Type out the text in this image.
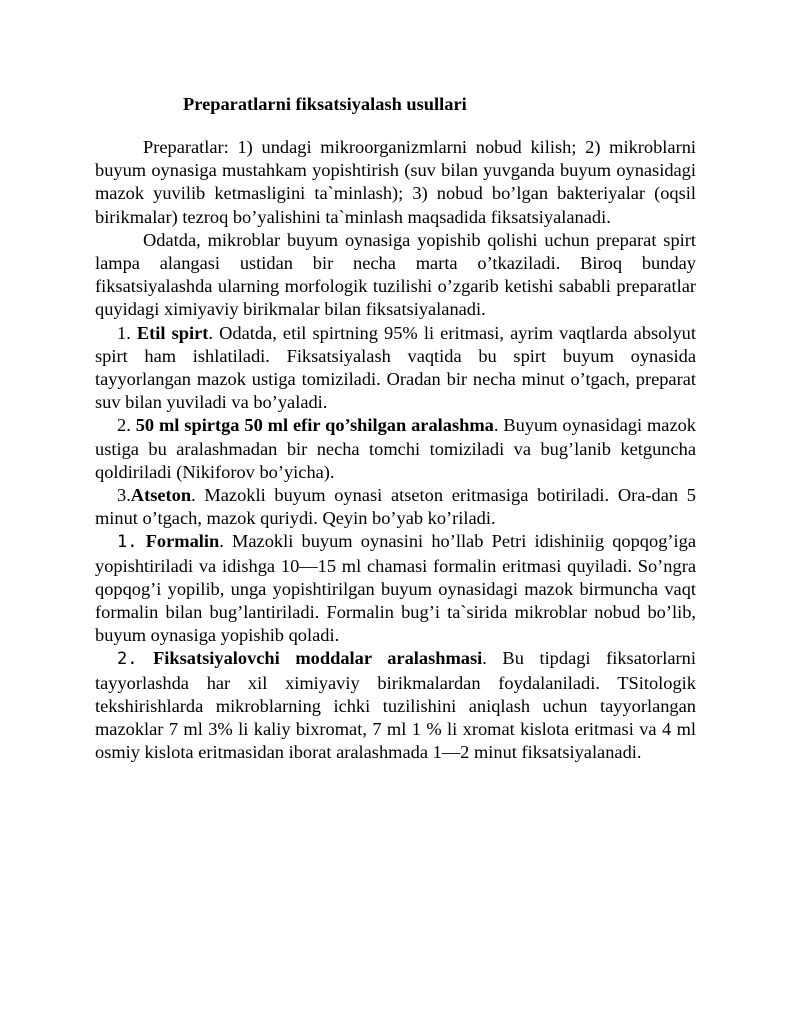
Preparatlarni fiksatsiyalash usullari

Preparatlar: 1) undagi mikroorganizmlarni nobud kilish; 2) mikroblarni buyum oynasiga mustahkam yopishtirish (suv bilan yuvganda buyum oynasidagi mazok yuvilib ketmasligini ta`minlash); 3) nobud bo’lgan bakteriyalar (oqsil birikmalar) tezroq bo’yalishini ta`minlash maqsadida fiksatsiyalanadi.

Odatda, mikroblar buyum oynasiga yopishib qolishi uchun preparat spirt lampa alangasi ustidan bir necha marta o’tkaziladi. Biroq bunday fiksatsiyalashda ularning morfologik tuzilishi o’zgarib ketishi sababli preparatlar quyidagi ximiyaviy birikmalar bilan fiksatsiyalanadi.

1. Etil spirt. Odatda, etil spirtning 95% li eritmasi, ayrim vaqtlarda absolyut spirt ham ishlatiladi. Fiksatsiyalash vaqtida bu spirt buyum oynasida tayyorlangan mazok ustiga tomiziladi. Oradan bir necha minut o’tgach, preparat suv bilan yuviladi va bo’yaladi.

2. 50 ml spirtga 50 ml efir qo’shilgan aralashma. Buyum oynasidagi mazok ustiga bu aralashmadan bir necha tomchi tomiziladi va bug’lanib ketguncha qoldiriladi (Nikiforov bo’yicha).

3.Atseton. Mazokli buyum oynasi atseton eritmasiga botiriladi. Ora-dan 5 minut o’tgach, mazok quriydi. Qeyin bo’yab ko’riladi.

1. Formalin. Mazokli buyum oynasini ho’llab Petri idishiniig qopqog’iga yopishtiriladi va idishga 10—15 ml chamasi formalin eritmasi quyiladi. So’ngra qopqog’i yopilib, unga yopishtirilgan buyum oynasidagi mazok birmuncha vaqt formalin bilan bug’lantiriladi. Formalin bug’i ta`sirida mikroblar nobud bo’lib, buyum oynasiga yopishib qoladi.

2. Fiksatsiyalovchi moddalar aralashmasi. Bu tipdagi fiksatorlarni tayyorlashda har xil ximiyaviy birikmalardan foydalaniladi. TSitologik tekshirishlarda mikroblarning ichki tuzilishini aniqlash uchun tayyorlangan mazoklar 7 ml 3% li kaliy bixromat, 7 ml 1 % li xromat kislota eritmasi va 4 ml osmiy kislota eritmasidan iborat aralashmada 1—2 minut fiksatsiyalanadi.
